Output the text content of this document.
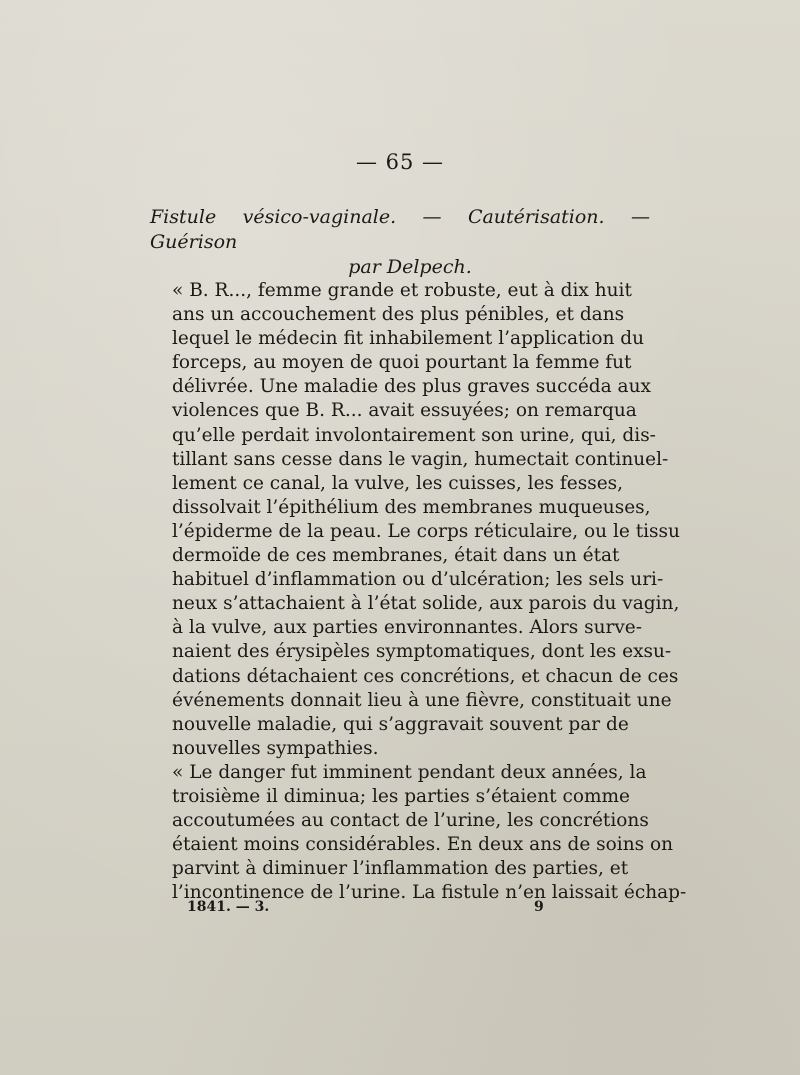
— 65 —
Fistule vésico-vaginale. — Cautérisation. — Guérison
par Delpech.
« B. R..., femme grande et robuste, eut à dix huit
ans un accouchement des plus pénibles, et dans
lequel le médecin fit inhabilement l’application du
forceps, au moyen de quoi pourtant la femme fut
délivrée. Une maladie des plus graves succéda aux
violences que B. R... avait essuyées; on remarqua
qu’elle perdait involontairement son urine, qui, dis-
tillant sans cesse dans le vagin, humectait continuel-
lement ce canal, la vulve, les cuisses, les fesses,
dissolvait l’épithélium des membranes muqueuses,
l’épiderme de la peau. Le corps réticulaire, ou le tissu
dermoïde de ces membranes, était dans un état
habituel d’inflammation ou d’ulcération; les sels uri-
neux s’attachaient à l’état solide, aux parois du vagin,
à la vulve, aux parties environnantes. Alors surve-
naient des érysipèles symptomatiques, dont les exsu-
dations détachaient ces concrétions, et chacun de ces
événements donnait lieu à une fièvre, constituait une
nouvelle maladie, qui s’aggravait souvent par de
nouvelles sympathies.
« Le danger fut imminent pendant deux années, la
troisième il diminua; les parties s’étaient comme
accoutumées au contact de l’urine, les concrétions
étaient moins considérables. En deux ans de soins on
parvint à diminuer l’inflammation des parties, et
l’incontinence de l’urine. La fistule n’en laissait échap-
1841. — 3.	9
